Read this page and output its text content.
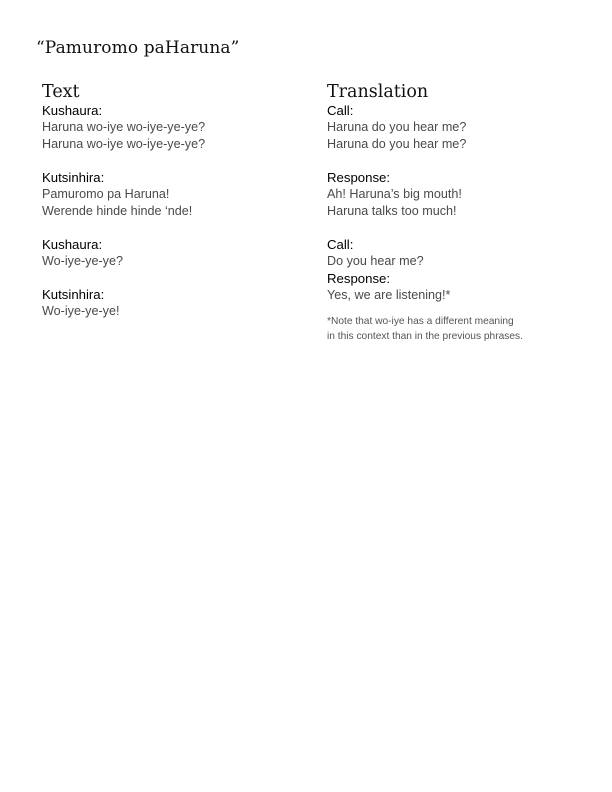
“Pamuromo paHaruna”
Text
Kushaura:
Haruna wo-iye wo-iye-ye-ye?
Haruna wo-iye wo-iye-ye-ye?
Kutsinhira:
Pamuromo pa Haruna!
Werende hinde hinde ‘nde!
Kushaura:
Wo-iye-ye-ye?
Kutsinhira:
Wo-iye-ye-ye!
Translation
Call:
Haruna do you hear me?
Haruna do you hear me?
Response:
Ah! Haruna’s big mouth!
Haruna talks too much!
Call:
Do you hear me?
Response:
Yes, we are listening!*
*Note that wo-iye has a different meaning
in this context than in the previous phrases.
